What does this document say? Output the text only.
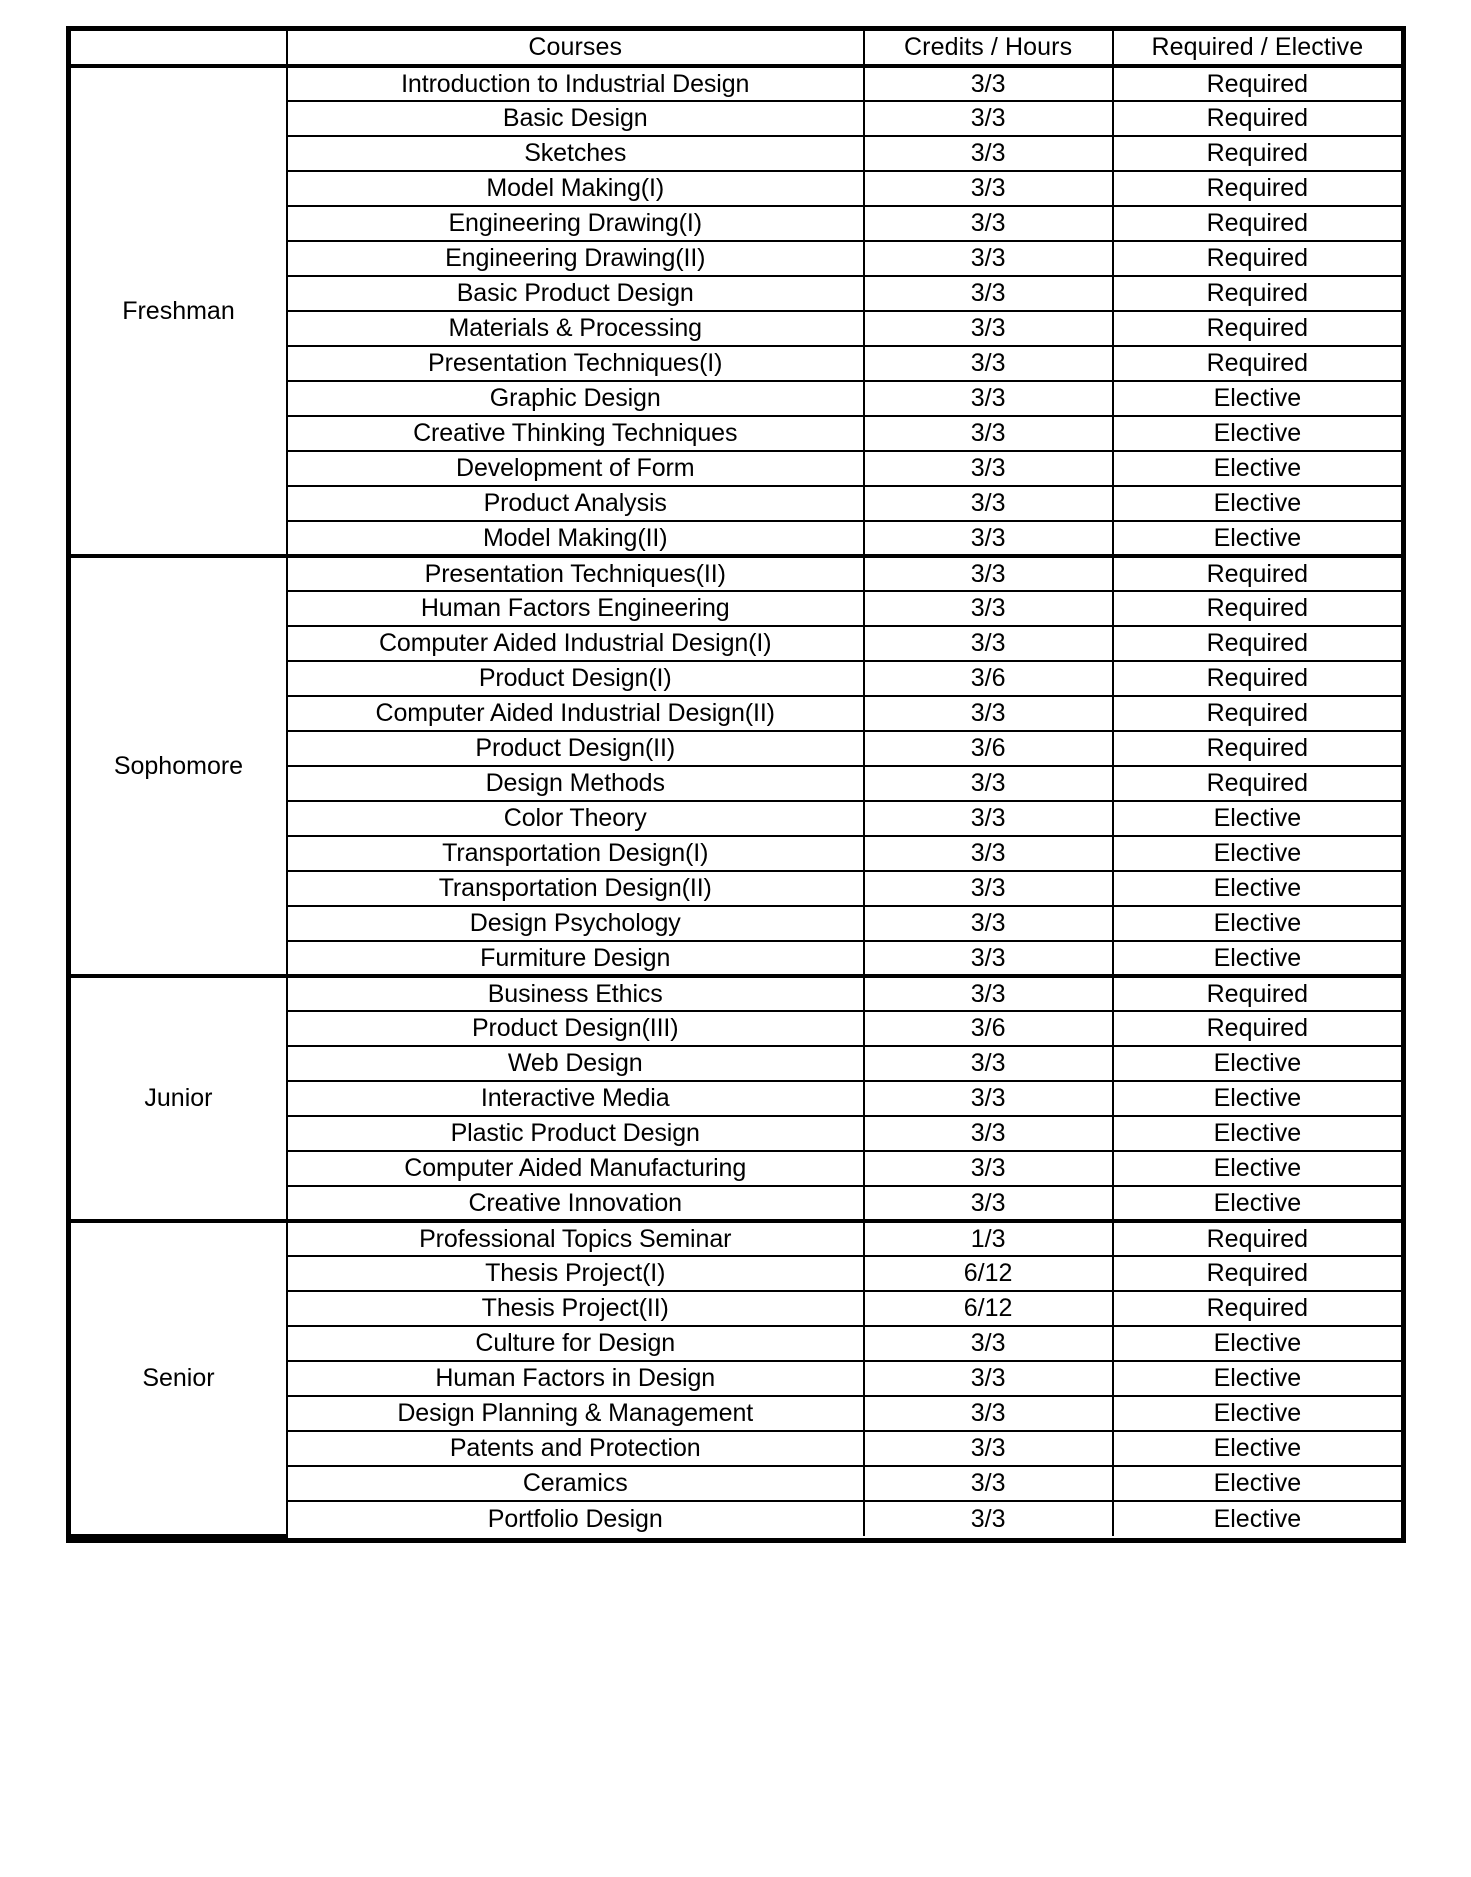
	Courses	Credits / Hours	Required / Elective
Freshman	Introduction to Industrial Design	3/3	Required
	Basic Design	3/3	Required
	Sketches	3/3	Required
	Model Making(I)	3/3	Required
	Engineering Drawing(I)	3/3	Required
	Engineering Drawing(II)	3/3	Required
	Basic Product Design	3/3	Required
	Materials & Processing	3/3	Required
	Presentation Techniques(I)	3/3	Required
	Graphic Design	3/3	Elective
	Creative Thinking Techniques	3/3	Elective
	Development of Form	3/3	Elective
	Product Analysis	3/3	Elective
	Model Making(II)	3/3	Elective
Sophomore	Presentation Techniques(II)	3/3	Required
	Human Factors Engineering	3/3	Required
	Computer Aided Industrial Design(I)	3/3	Required
	Product Design(I)	3/6	Required
	Computer Aided Industrial Design(II)	3/3	Required
	Product Design(II)	3/6	Required
	Design Methods	3/3	Required
	Color Theory	3/3	Elective
	Transportation Design(I)	3/3	Elective
	Transportation Design(II)	3/3	Elective
	Design Psychology	3/3	Elective
	Furmiture Design	3/3	Elective
Junior	Business Ethics	3/3	Required
	Product Design(III)	3/6	Required
	Web Design	3/3	Elective
	Interactive Media	3/3	Elective
	Plastic Product Design	3/3	Elective
	Computer Aided Manufacturing	3/3	Elective
	Creative Innovation	3/3	Elective
Senior	Professional Topics Seminar	1/3	Required
	Thesis Project(I)	6/12	Required
	Thesis Project(II)	6/12	Required
	Culture for Design	3/3	Elective
	Human Factors in Design	3/3	Elective
	Design Planning & Management	3/3	Elective
	Patents and Protection	3/3	Elective
	Ceramics	3/3	Elective
	Portfolio Design	3/3	Elective
